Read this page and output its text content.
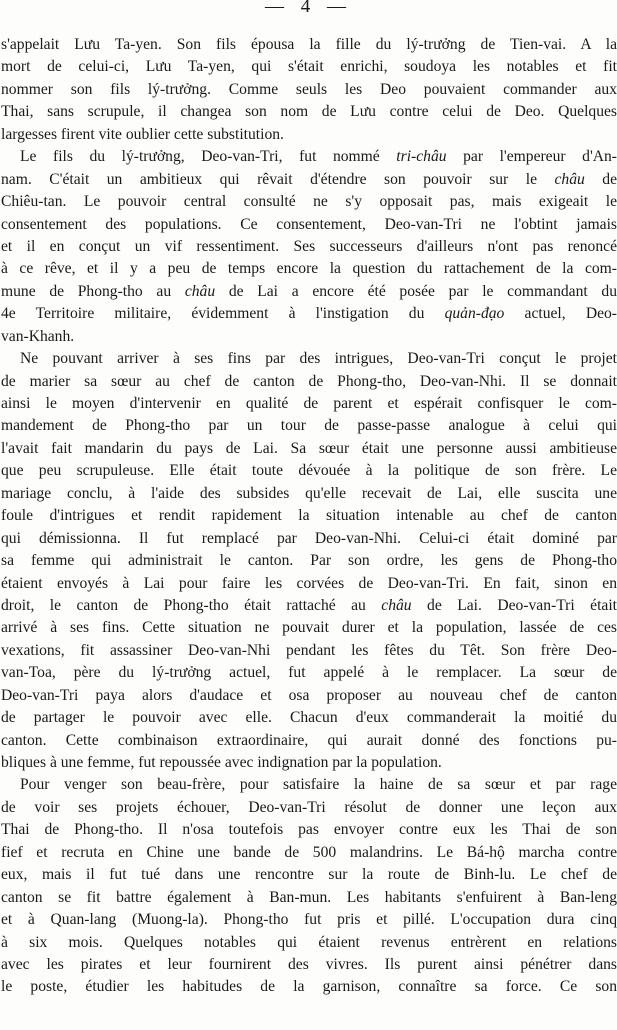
— 4 —
s'appelait Lưu Ta-yen. Son fils épousa la fille du lý-trưởng de Tien-vai. A la
mort de celui-ci, Lưu Ta-yen, qui s'était enrichi, soudoya les notables et fit
nommer son fils lý-trưởng. Comme seuls les Deo pouvaient commander aux
Thai, sans scrupule, il changea son nom de Lưu contre celui de Deo. Quelques
largesses firent vite oublier cette substitution.
Le fils du lý-trưởng, Deo-van-Tri, fut nommé tri-châu par l'empereur d'An-
nam. C'était un ambitieux qui rêvait d'étendre son pouvoir sur le châu de
Chiêu-tan. Le pouvoir central consulté ne s'y opposait pas, mais exigeait le
consentement des populations. Ce consentement, Deo-van-Tri ne l'obtint jamais
et il en conçut un vif ressentiment. Ses successeurs d'ailleurs n'ont pas renoncé
à ce rêve, et il y a peu de temps encore la question du rattachement de la com-
mune de Phong-tho au châu de Lai a encore été posée par le commandant du
4e Territoire militaire, évidemment à l'instigation du quản-đạo actuel, Deo-
van-Khanh.
Ne pouvant arriver à ses fins par des intrigues, Deo-van-Tri conçut le projet
de marier sa sœur au chef de canton de Phong-tho, Deo-van-Nhi. Il se donnait
ainsi le moyen d'intervenir en qualité de parent et espérait confisquer le com-
mandement de Phong-tho par un tour de passe-passe analogue à celui qui
l'avait fait mandarin du pays de Lai. Sa sœur était une personne aussi ambitieuse
que peu scrupuleuse. Elle était toute dévouée à la politique de son frère. Le
mariage conclu, à l'aide des subsides qu'elle recevait de Lai, elle suscita une
foule d'intrigues et rendit rapidement la situation intenable au chef de canton
qui démissionna. Il fut remplacé par Deo-van-Nhi. Celui-ci était dominé par
sa femme qui administrait le canton. Par son ordre, les gens de Phong-tho
étaient envoyés à Lai pour faire les corvées de Deo-van-Tri. En fait, sinon en
droit, le canton de Phong-tho était rattaché au châu de Lai. Deo-van-Tri était
arrivé à ses fins. Cette situation ne pouvait durer et la population, lassée de ces
vexations, fit assassiner Deo-van-Nhi pendant les fêtes du Têt. Son frère Deo-
van-Toa, père du lý-trưởng actuel, fut appelé à le remplacer. La sœur de
Deo-van-Tri paya alors d'audace et osa proposer au nouveau chef de canton
de partager le pouvoir avec elle. Chacun d'eux commanderait la moitié du
canton. Cette combinaison extraordinaire, qui aurait donné des fonctions pu-
bliques à une femme, fut repoussée avec indignation par la population.
Pour venger son beau-frère, pour satisfaire la haine de sa sœur et par rage
de voir ses projets échouer, Deo-van-Tri résolut de donner une leçon aux
Thai de Phong-tho. Il n'osa toutefois pas envoyer contre eux les Thai de son
fief et recruta en Chine une bande de 500 malandrins. Le Bá-hộ marcha contre
eux, mais il fut tué dans une rencontre sur la route de Binh-lu. Le chef de
canton se fit battre également à Ban-mun. Les habitants s'enfuirent à Ban-leng
et à Quan-lang (Muong-la). Phong-tho fut pris et pillé. L'occupation dura cinq
à six mois. Quelques notables qui étaient revenus entrèrent en relations
avec les pirates et leur fournirent des vivres. Ils purent ainsi pénétrer dans
le poste, étudier les habitudes de la garnison, connaître sa force. Ce son
